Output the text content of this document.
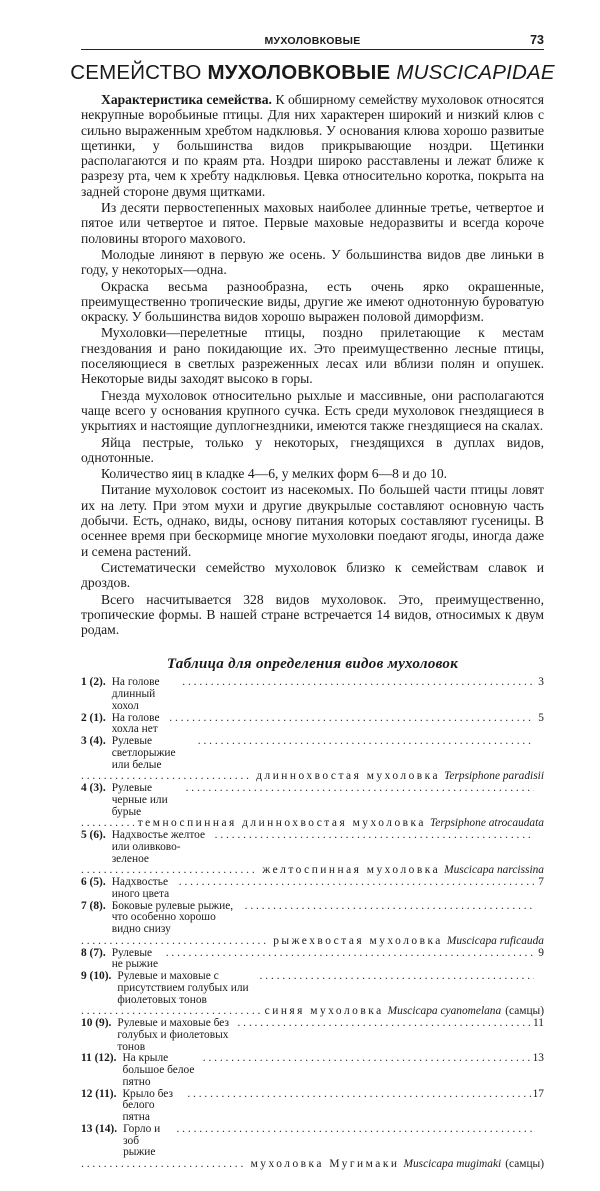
МУХОЛОВКОВЫЕ	73
СЕМЕЙСТВО МУХОЛОВКОВЫЕ MUSCICAPIDAE

Характеристика семейства. К обширному семейству мухоловок относятся некрупные воробьиные птицы. Для них характерен широкий и низкий клюв с сильно выраженным хребтом надклювья. У основания клюва хорошо развитые щетинки, у большинства видов прикрывающие ноздри. Щетинки располагаются и по краям рта. Ноздри широко расставлены и лежат ближе к разрезу рта, чем к хребту надклювья. Цевка относительно коротка, покрыта на задней стороне двумя щитками.

Из десяти первостепенных маховых наиболее длинные третье, четвертое и пятое или четвертое и пятое. Первые маховые недоразвиты и всегда короче половины второго махового.

Молодые линяют в первую же осень. У большинства видов две линьки в году, у некоторых—одна.

Окраска весьма разнообразна, есть очень ярко окрашенные, преимущественно тропические виды, другие же имеют однотонную буроватую окраску. У большинства видов хорошо выражен половой диморфизм.

Мухоловки—перелетные птицы, поздно прилетающие к местам гнездования и рано покидающие их. Это преимущественно лесные птицы, поселяющиеся в светлых разреженных лесах или вблизи полян и опушек. Некоторые виды заходят высоко в горы.

Гнезда мухоловок относительно рыхлые и массивные, они располагаются чаще всего у основания крупного сучка. Есть среди мухоловок гнездящиеся в укрытиях и настоящие дуплогнездники, имеются также гнездящиеся на скалах.

Яйца пестрые, только у некоторых, гнездящихся в дуплах видов, однотонные.

Количество яиц в кладке 4—6, у мелких форм 6—8 и до 10.

Питание мухоловок состоит из насекомых. По большей части птицы ловят их на лету. При этом мухи и другие двукрылые составляют основную часть добычи. Есть, однако, виды, основу питания которых составляют гусеницы. В осеннее время при бескормице многие мухоловки поедают ягоды, иногда даже и семена растений.

Систематически семейство мухоловок близко к семействам славок и дроздов.

Всего насчитывается 328 видов мухоловок. Это, преимущественно, тропические формы. В нашей стране встречается 14 видов, относимых к двум родам.

Таблица для определения видов мухоловок
1 (2). На голове длинный хохол
. . .
3
2 (1). На голове хохла нет
. . .
5
3 (4). Рулевые светлорыжие или белые
. . .
. . .
длиннохвостая мухоловка Terpsiphone paradisii
4 (3). Рулевые черные или бурые
. . .
. . .
темноспинная длиннохвостая мухоловка Terpsiphone atrocaudata
5 (6). Надхвостье желтое или оливково-зеленое
. . .
. . .
желтоспинная мухоловка Muscicapa narcissina
6 (5). Надхвостье иного цвета
. . .
7
7 (8). Боковые рулевые рыжие, что особенно хорошо видно снизу
. . .
. . .
рыжехвостая мухоловка Muscicapa ruficauda
8 (7). Рулевые не рыжие
. . .
9
9 (10). Рулевые и маховые с присутствием голубых или фиолетовых тонов
. . .
. . .
синяя мухоловка Muscicapa cyanomelana (самцы)
10 (9). Рулевые и маховые без голубых и фиолетовых тонов
. . .
11
11 (12). На крыле большое белое пятно
. . .
13
12 (11). Крыло без белого пятна
. . .
17
13 (14). Горло и зоб рыжие
. . .
. . .
мухоловка Мугимаки Muscicapa mugimaki (самцы)
